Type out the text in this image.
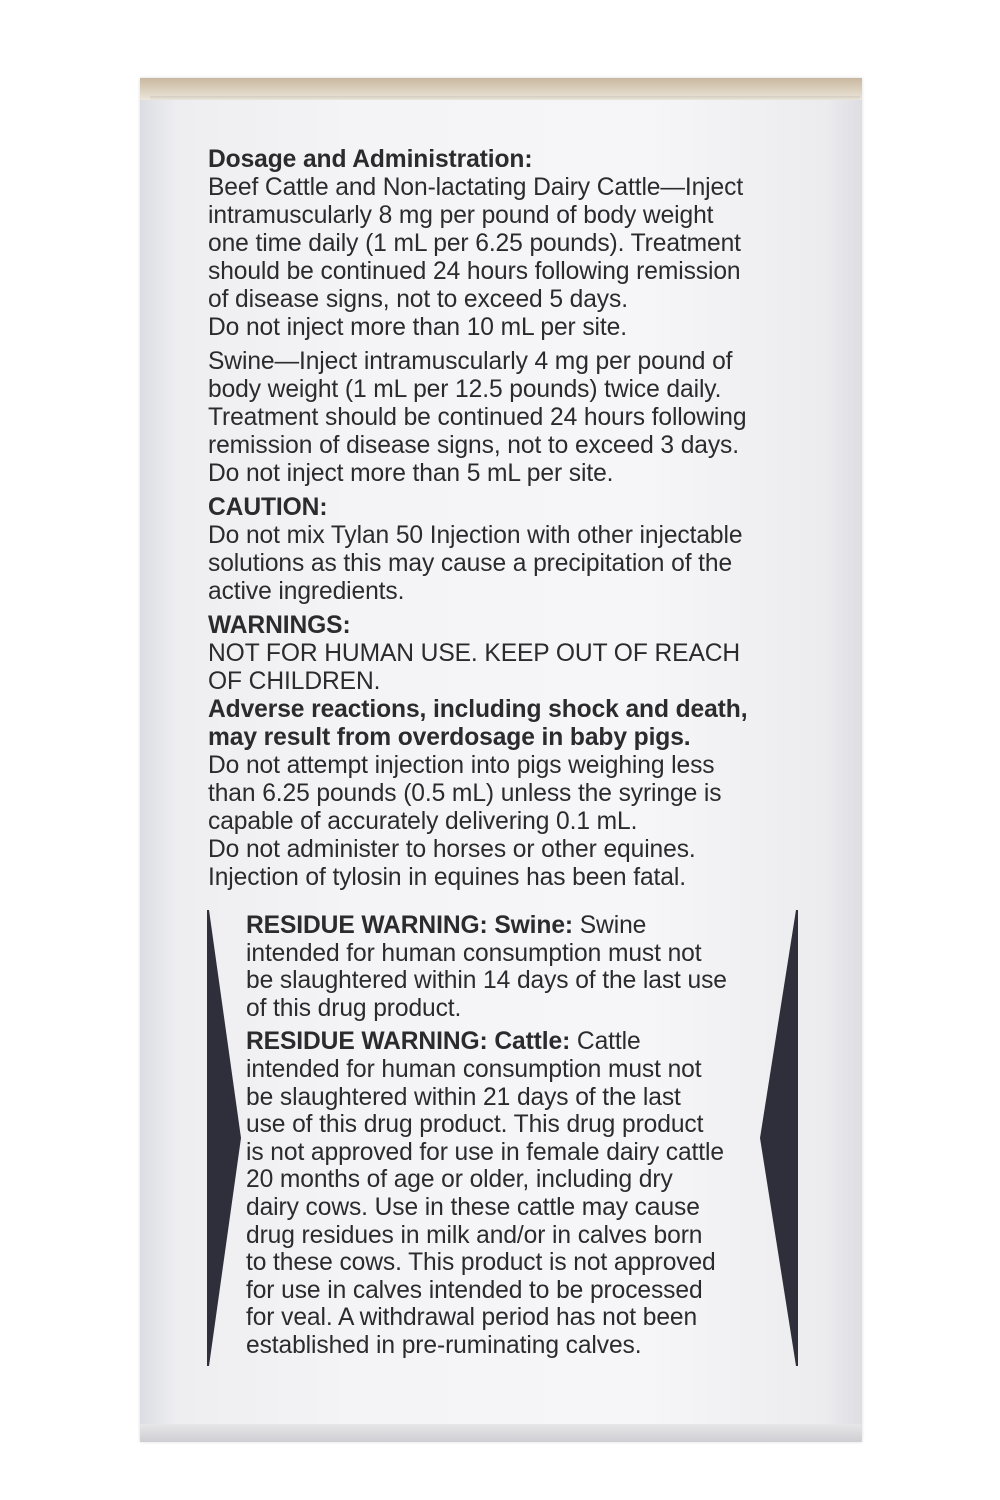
Dosage and Administration:
Beef Cattle and Non-lactating Dairy Cattle—Inject
intramuscularly 8 mg per pound of body weight
one time daily (1 mL per 6.25 pounds). Treatment
should be continued 24 hours following remission
of disease signs, not to exceed 5 days.
Do not inject more than 10 mL per site.
Swine—Inject intramuscularly 4 mg per pound of
body weight (1 mL per 12.5 pounds) twice daily.
Treatment should be continued 24 hours following
remission of disease signs, not to exceed 3 days.
Do not inject more than 5 mL per site.
CAUTION:
Do not mix Tylan 50 Injection with other injectable
solutions as this may cause a precipitation of the
active ingredients.
WARNINGS:
NOT FOR HUMAN USE. KEEP OUT OF REACH
OF CHILDREN.
Adverse reactions, including shock and death,
may result from overdosage in baby pigs.
Do not attempt injection into pigs weighing less
than 6.25 pounds (0.5 mL) unless the syringe is
capable of accurately delivering 0.1 mL.
Do not administer to horses or other equines.
Injection of tylosin in equines has been fatal.
RESIDUE WARNING: Swine: Swine
intended for human consumption must not
be slaughtered within 14 days of the last use
of this drug product.
RESIDUE WARNING: Cattle: Cattle
intended for human consumption must not
be slaughtered within 21 days of the last
use of this drug product. This drug product
is not approved for use in female dairy cattle
20 months of age or older, including dry
dairy cows. Use in these cattle may cause
drug residues in milk and/or in calves born
to these cows. This product is not approved
for use in calves intended to be processed
for veal. A withdrawal period has not been
established in pre-ruminating calves.
